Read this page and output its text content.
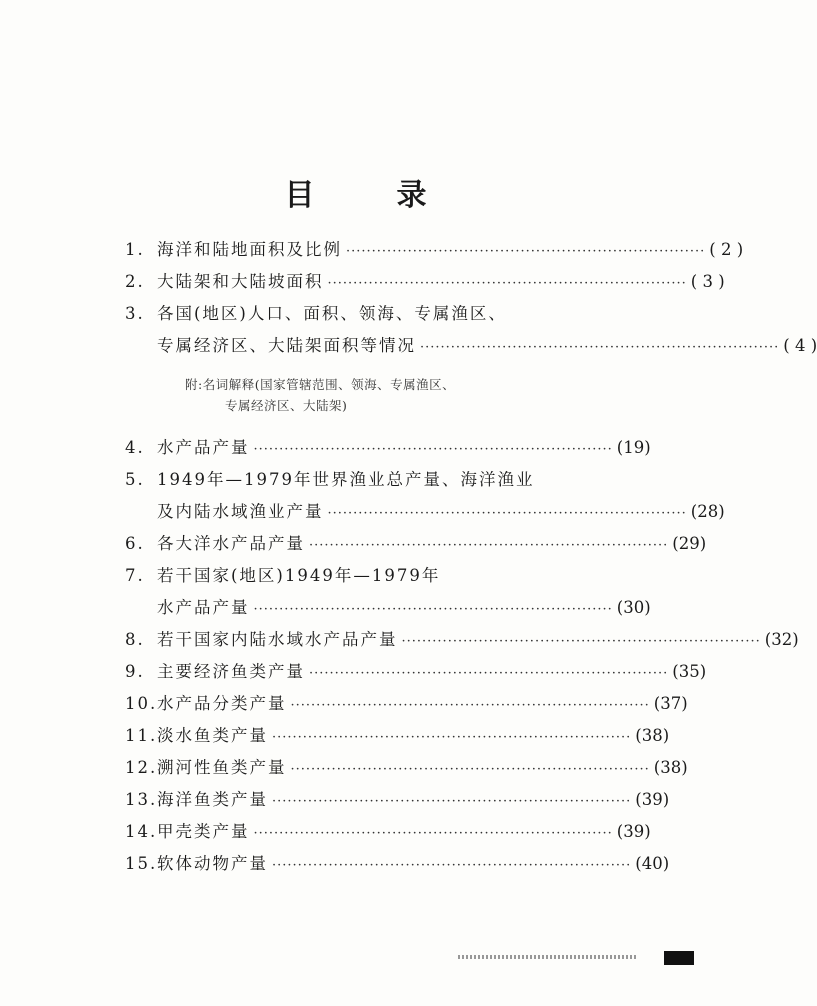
目	录
1. 海洋和陆地面积及比例 ······································································ ( 2 )
2. 大陆架和大陆坡面积 ······································································ ( 3 )
3. 各国(地区)人口、面积、领海、专属渔区、
专属经济区、大陆架面积等情况 ······································································ ( 4 )
附:名词解释(国家管辖范围、领海、专属渔区、
专属经济区、大陆架)
4. 水产品产量 ······································································ (19)
5. 1949年—1979年世界渔业总产量、海洋渔业
及内陆水域渔业产量 ······································································ (28)
6. 各大洋水产品产量 ······································································ (29)
7. 若干国家(地区)1949年—1979年
水产品产量 ······································································ (30)
8. 若干国家内陆水域水产品产量 ······································································ (32)
9. 主要经济鱼类产量 ······································································ (35)
10. 水产品分类产量 ······································································ (37)
11. 淡水鱼类产量 ······································································ (38)
12. 溯河性鱼类产量 ······································································ (38)
13. 海洋鱼类产量 ······································································ (39)
14. 甲壳类产量 ······································································ (39)
15. 软体动物产量 ······································································ (40)
